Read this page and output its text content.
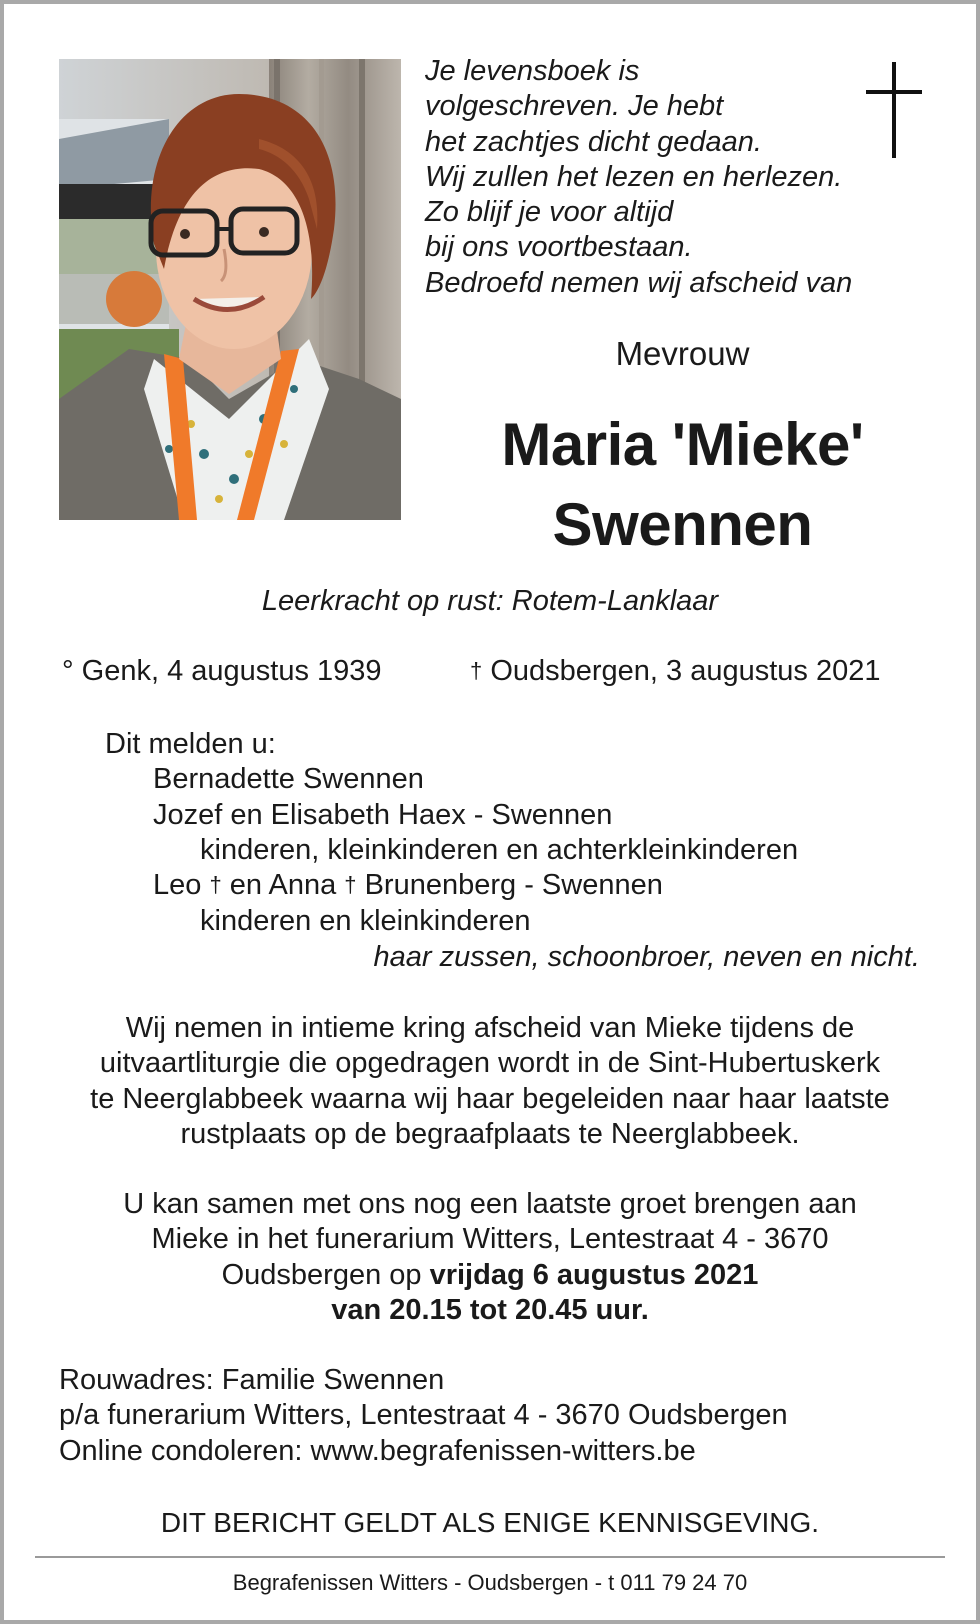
Je levensboek is
volgeschreven. Je hebt
het zachtjes dicht gedaan.
Wij zullen het lezen en herlezen.
Zo blijf je voor altijd
bij ons voortbestaan.
Bedroefd nemen wij afscheid van
Mevrouw
Maria 'Mieke'
Swennen
Leerkracht op rust: Rotem-Lanklaar
° Genk, 4 augustus 1939	† Oudsbergen, 3 augustus 2021
Dit melden u:
Bernadette Swennen
Jozef en Elisabeth Haex - Swennen
kinderen, kleinkinderen en achterkleinkinderen
Leo † en Anna † Brunenberg - Swennen
kinderen en kleinkinderen
haar zussen, schoonbroer, neven en nicht.
Wij nemen in intieme kring afscheid van Mieke tijdens de
uitvaartliturgie die opgedragen wordt in de Sint-Hubertuskerk
te Neerglabbeek waarna wij haar begeleiden naar haar laatste
rustplaats op de begraafplaats te Neerglabbeek.
U kan samen met ons nog een laatste groet brengen aan
Mieke in het funerarium Witters, Lentestraat 4 - 3670
Oudsbergen op vrijdag 6 augustus 2021
van 20.15 tot 20.45 uur.
Rouwadres: Familie Swennen
p/a funerarium Witters, Lentestraat 4 - 3670 Oudsbergen
Online condoleren: www.begrafenissen-witters.be
DIT BERICHT GELDT ALS ENIGE KENNISGEVING.
Begrafenissen Witters - Oudsbergen - t 011 79 24 70
